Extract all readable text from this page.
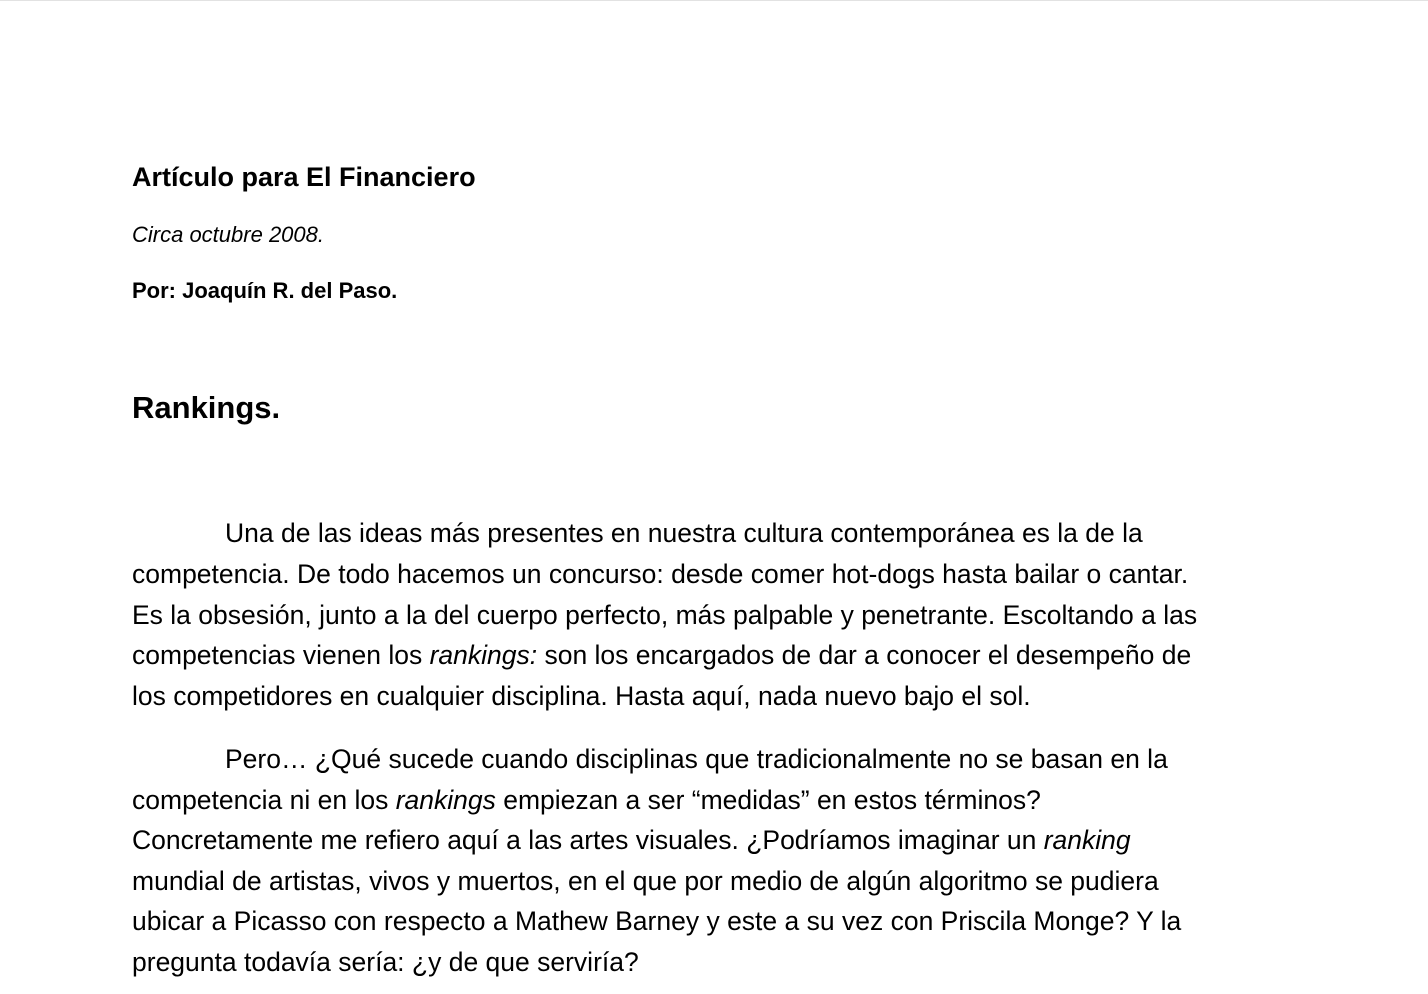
Artículo para El Financiero

Circa octubre 2008.

Por: Joaquín R. del Paso.

Rankings.

Una de las ideas más presentes en nuestra cultura contemporánea es la de la
competencia. De todo hacemos un concurso: desde comer hot-dogs hasta bailar o cantar.
Es la obsesión, junto a la del cuerpo perfecto, más palpable y penetrante. Escoltando a las
competencias vienen los rankings: son los encargados de dar a conocer el desempeño de
los competidores en cualquier disciplina. Hasta aquí, nada nuevo bajo el sol.

Pero… ¿Qué sucede cuando disciplinas que tradicionalmente no se basan en la
competencia ni en los rankings empiezan a ser “medidas” en estos términos?
Concretamente me refiero aquí a las artes visuales. ¿Podríamos imaginar un ranking
mundial de artistas, vivos y muertos, en el que por medio de algún algoritmo se pudiera
ubicar a Picasso con respecto a Mathew Barney y este a su vez con Priscila Monge? Y la
pregunta todavía sería: ¿y de que serviría?
